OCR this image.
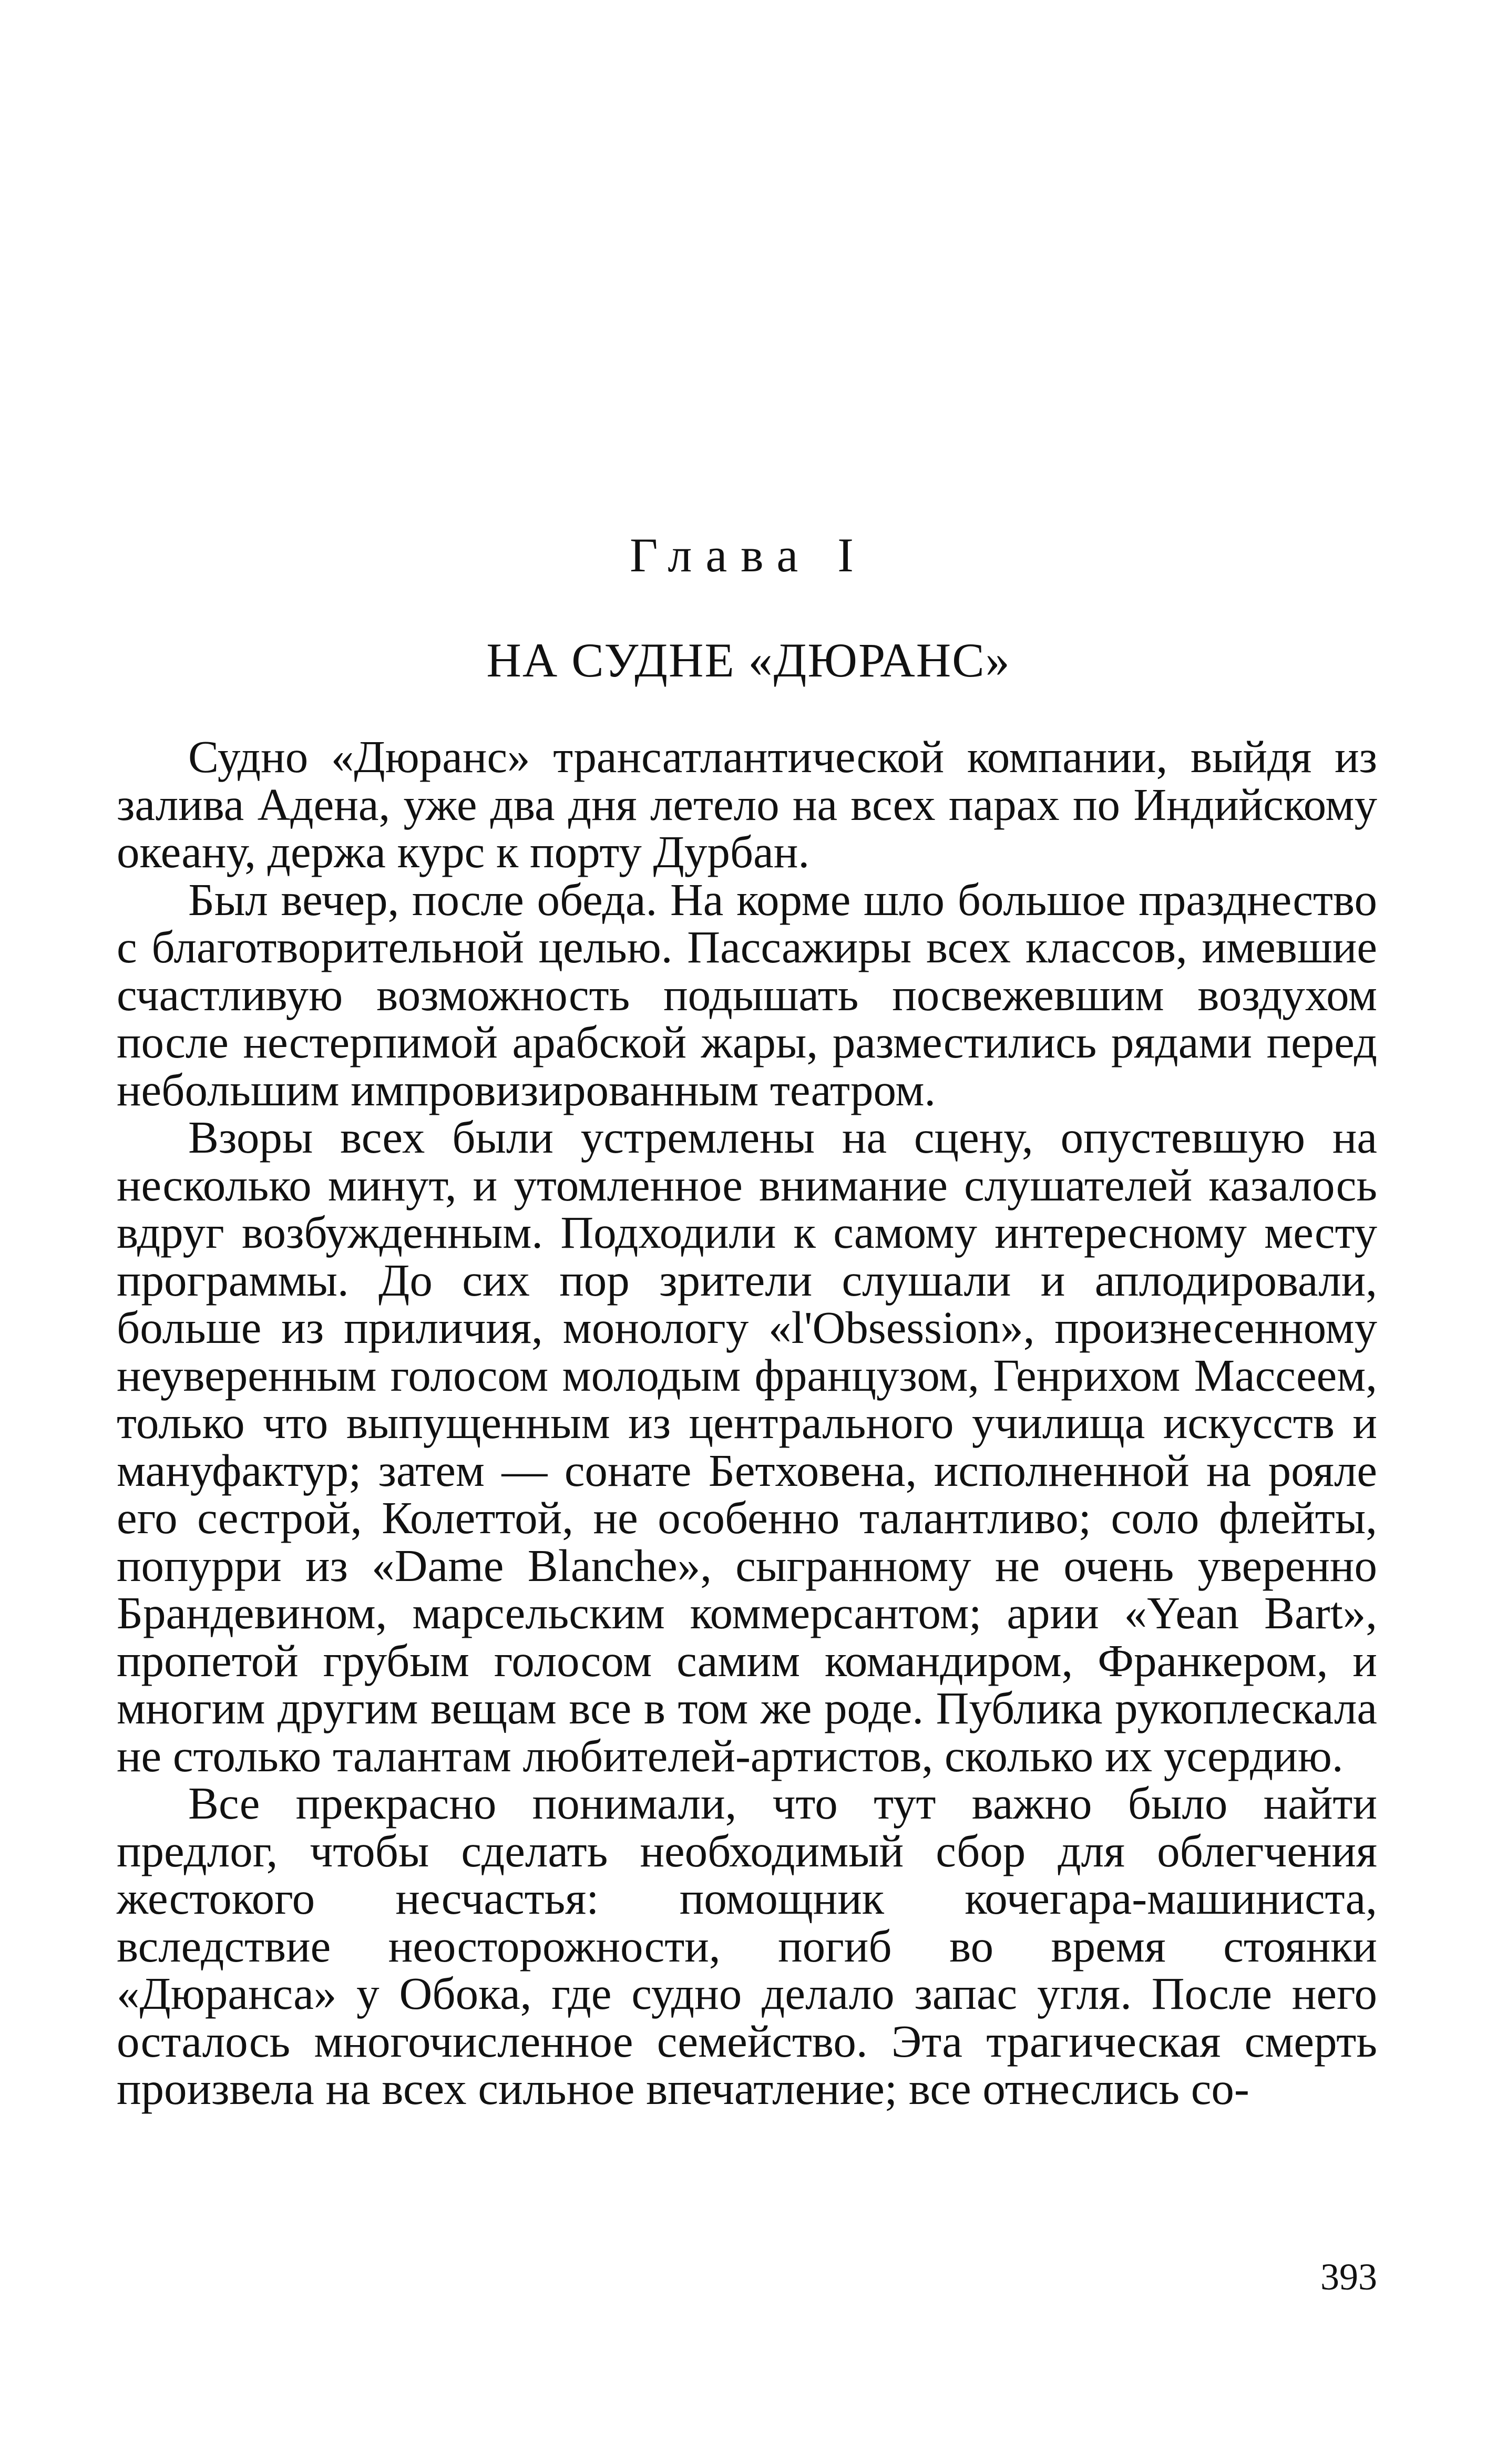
Глава I
НА СУДНЕ «ДЮРАНС»

Судно «Дюранс» трансатлантической компании, выйдя из залива Адена, уже два дня летело на всех парах по Индийскому океану, держа курс к порту Дурбан.

Был вечер, после обеда. На корме шло большое празднество с благотворительной целью. Пассажиры всех классов, имевшие счастливую возможность подышать посвежевшим воздухом после нестерпимой арабской жары, разместились рядами перед небольшим импровизированным театром.

Взоры всех были устремлены на сцену, опустевшую на несколько минут, и утомленное внимание слушателей казалось вдруг возбужденным. Подходили к самому интересному месту программы. До сих пор зрители слушали и аплодировали, больше из приличия, монологу «l'Obsession», произнесенному неуверенным голосом молодым французом, Генрихом Массеем, только что выпущенным из центрального училища искусств и мануфактур; затем — сонате Бетховена, исполненной на рояле его сестрой, Колеттой, не особенно талантливо; соло флейты, попурри из «Dame Blanche», сыгранному не очень уверенно Брандевином, марсельским коммерсантом; арии «Yean Bart», пропетой грубым голосом самим командиром, Франкером, и многим другим вещам все в том же роде. Публика рукоплескала не столько талантам любителей-артистов, сколько их усердию.

Все прекрасно понимали, что тут важно было найти предлог, чтобы сделать необходимый сбор для облегчения жестокого несчастья: помощник кочегара-машиниста, вследствие неосторожности, погиб во время стоянки «Дюранса» у Обока, где судно делало запас угля. После него осталось многочисленное семейство. Эта трагическая смерть произвела на всех сильное впечатление; все отнеслись со-

393
